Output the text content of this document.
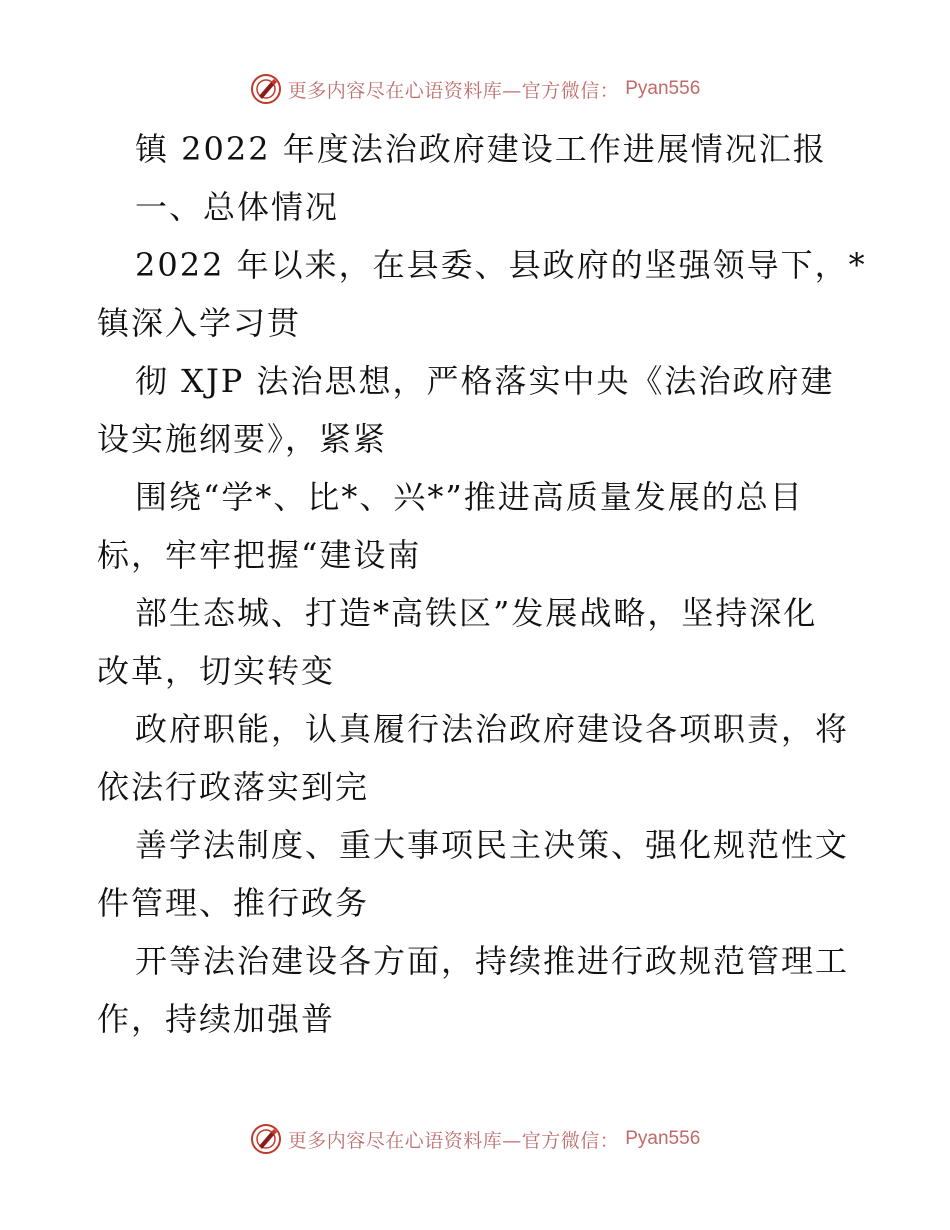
更多内容尽在心语资料库—官方微信： Pyan556
镇 2022 年度法治政府建设工作进展情况汇报
一、总体情况
2022 年以来，在县委、县政府的坚强领导下，*
镇深入学习贯
彻 XJP 法治思想，严格落实中央《法治政府建
设实施纲要》，紧紧
围绕“学*、比*、兴*”推进高质量发展的总目
标，牢牢把握“建设南
部生态城、打造*高铁区”发展战略，坚持深化
改革，切实转变
政府职能，认真履行法治政府建设各项职责，将
依法行政落实到完
善学法制度、重大事项民主决策、强化规范性文
件管理、推行政务
开等法治建设各方面，持续推进行政规范管理工
作，持续加强普
更多内容尽在心语资料库—官方微信： Pyan556
